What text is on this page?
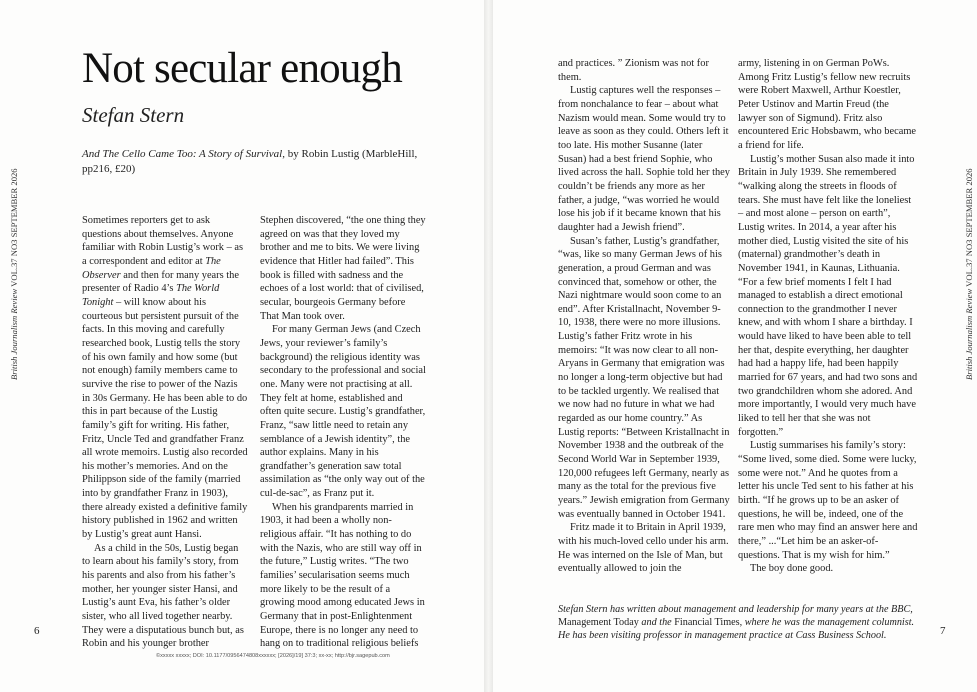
Not secular enough
Stefan Stern
And The Cello Came Too: A Story of Survival, by Robin Lustig (MarbleHill, pp216, £20)

Sometimes reporters get to ask questions about themselves. Anyone familiar with Robin Lustig’s work – as a correspondent and editor at The Observer and then for many years the presenter of Radio 4’s The World Tonight – will know about his courteous but persistent pursuit of the facts. In this moving and carefully researched book, Lustig tells the story of his own family and how some (but not enough) family members came to survive the rise to power of the Nazis in 30s Germany. He has been able to do this in part because of the Lustig family’s gift for writing. His father, Fritz, Uncle Ted and grandfather Franz all wrote memoirs. Lustig also recorded his mother’s memories. And on the Philippson side of the family (married into by grandfather Franz in 1903), there already existed a definitive family history published in 1962 and written by Lustig’s great aunt Hansi.

As a child in the 50s, Lustig began to learn about his family’s story, from his parents and also from his father’s mother, her younger sister Hansi, and Lustig’s aunt Eva, his father’s older sister, who all lived together nearby. They were a disputatious bunch but, as Robin and his younger brother

Stephen discovered, “the one thing they agreed on was that they loved my brother and me to bits. We were living evidence that Hitler had failed”. This book is filled with sadness and the echoes of a lost world: that of civilised, secular, bourgeois Germany before That Man took over.

For many German Jews (and Czech Jews, your reviewer’s family’s background) the religious identity was secondary to the professional and social one. Many were not practising at all. They felt at home, established and often quite secure. Lustig’s grandfather, Franz, “saw little need to retain any semblance of a Jewish identity”, the author explains. Many in his grandfather’s generation saw total assimilation as “the only way out of the cul-de-sac”, as Franz put it.

When his grandparents married in 1903, it had been a wholly non-religious affair. “It has nothing to do with the Nazis, who are still way off in the future,” Lustig writes. “The two families’ secularisation seems much more likely to be the result of a growing mood among educated Jews in Germany that in post-Enlightenment Europe, there is no longer any need to hang on to traditional religious beliefs

British Journalism Review VOL.37 NO3 SEPTEMBER 2026
6
©xxxxx xxxxx; DOI: 10.1177/0956474808xxxxxx; [2026]/19] 37:3; xx-xx; http://bjr.sagepub.com

and practices. ” Zionism was not for them.

Lustig captures well the responses – from nonchalance to fear – about what Nazism would mean. Some would try to leave as soon as they could. Others left it too late. His mother Susanne (later Susan) had a best friend Sophie, who lived across the hall. Sophie told her they couldn’t be friends any more as her father, a judge, “was worried he would lose his job if it became known that his daughter had a Jewish friend”.

Susan’s father, Lustig’s grandfather, “was, like so many German Jews of his generation, a proud German and was convinced that, somehow or other, the Nazi nightmare would soon come to an end”. After Kristallnacht, November 9-10, 1938, there were no more illusions. Lustig’s father Fritz wrote in his memoirs: “It was now clear to all non-Aryans in Germany that emigration was no longer a long-term objective but had to be tackled urgently. We realised that we now had no future in what we had regarded as our home country.” As Lustig reports: “Between Kristallnacht in November 1938 and the outbreak of the Second World War in September 1939, 120,000 refugees left Germany, nearly as many as the total for the previous five years.” Jewish emigration from Germany was eventually banned in October 1941.

Fritz made it to Britain in April 1939, with his much-loved cello under his arm. He was interned on the Isle of Man, but eventually allowed to join the

army, listening in on German PoWs. Among Fritz Lustig’s fellow new recruits were Robert Maxwell, Arthur Koestler, Peter Ustinov and Martin Freud (the lawyer son of Sigmund). Fritz also encountered Eric Hobsbawm, who became a friend for life.

Lustig’s mother Susan also made it into Britain in July 1939. She remembered “walking along the streets in floods of tears. She must have felt like the loneliest – and most alone – person on earth”, Lustig writes. In 2014, a year after his mother died, Lustig visited the site of his (maternal) grandmother’s death in November 1941, in Kaunas, Lithuania. “For a few brief moments I felt I had managed to establish a direct emotional connection to the grandmother I never knew, and with whom I share a birthday. I would have liked to have been able to tell her that, despite everything, her daughter had had a happy life, had been happily married for 67 years, and had two sons and two grandchildren whom she adored. And more importantly, I would very much have liked to tell her that she was not forgotten.”

Lustig summarises his family’s story: “Some lived, some died. Some were lucky, some were not.” And he quotes from a letter his uncle Ted sent to his father at his birth. “If he grows up to be an asker of questions, he will be, indeed, one of the rare men who may find an answer here and there,” ...“Let him be an asker-of-questions. That is my wish for him.”

The boy done good.

Stefan Stern has written about management and leadership for many years at the BBC, Management Today and the Financial Times, where he was the management columnist. He has been visiting professor in management practice at Cass Business School.
British Journalism Review VOL.37 NO3 SEPTEMBER 2026
7
